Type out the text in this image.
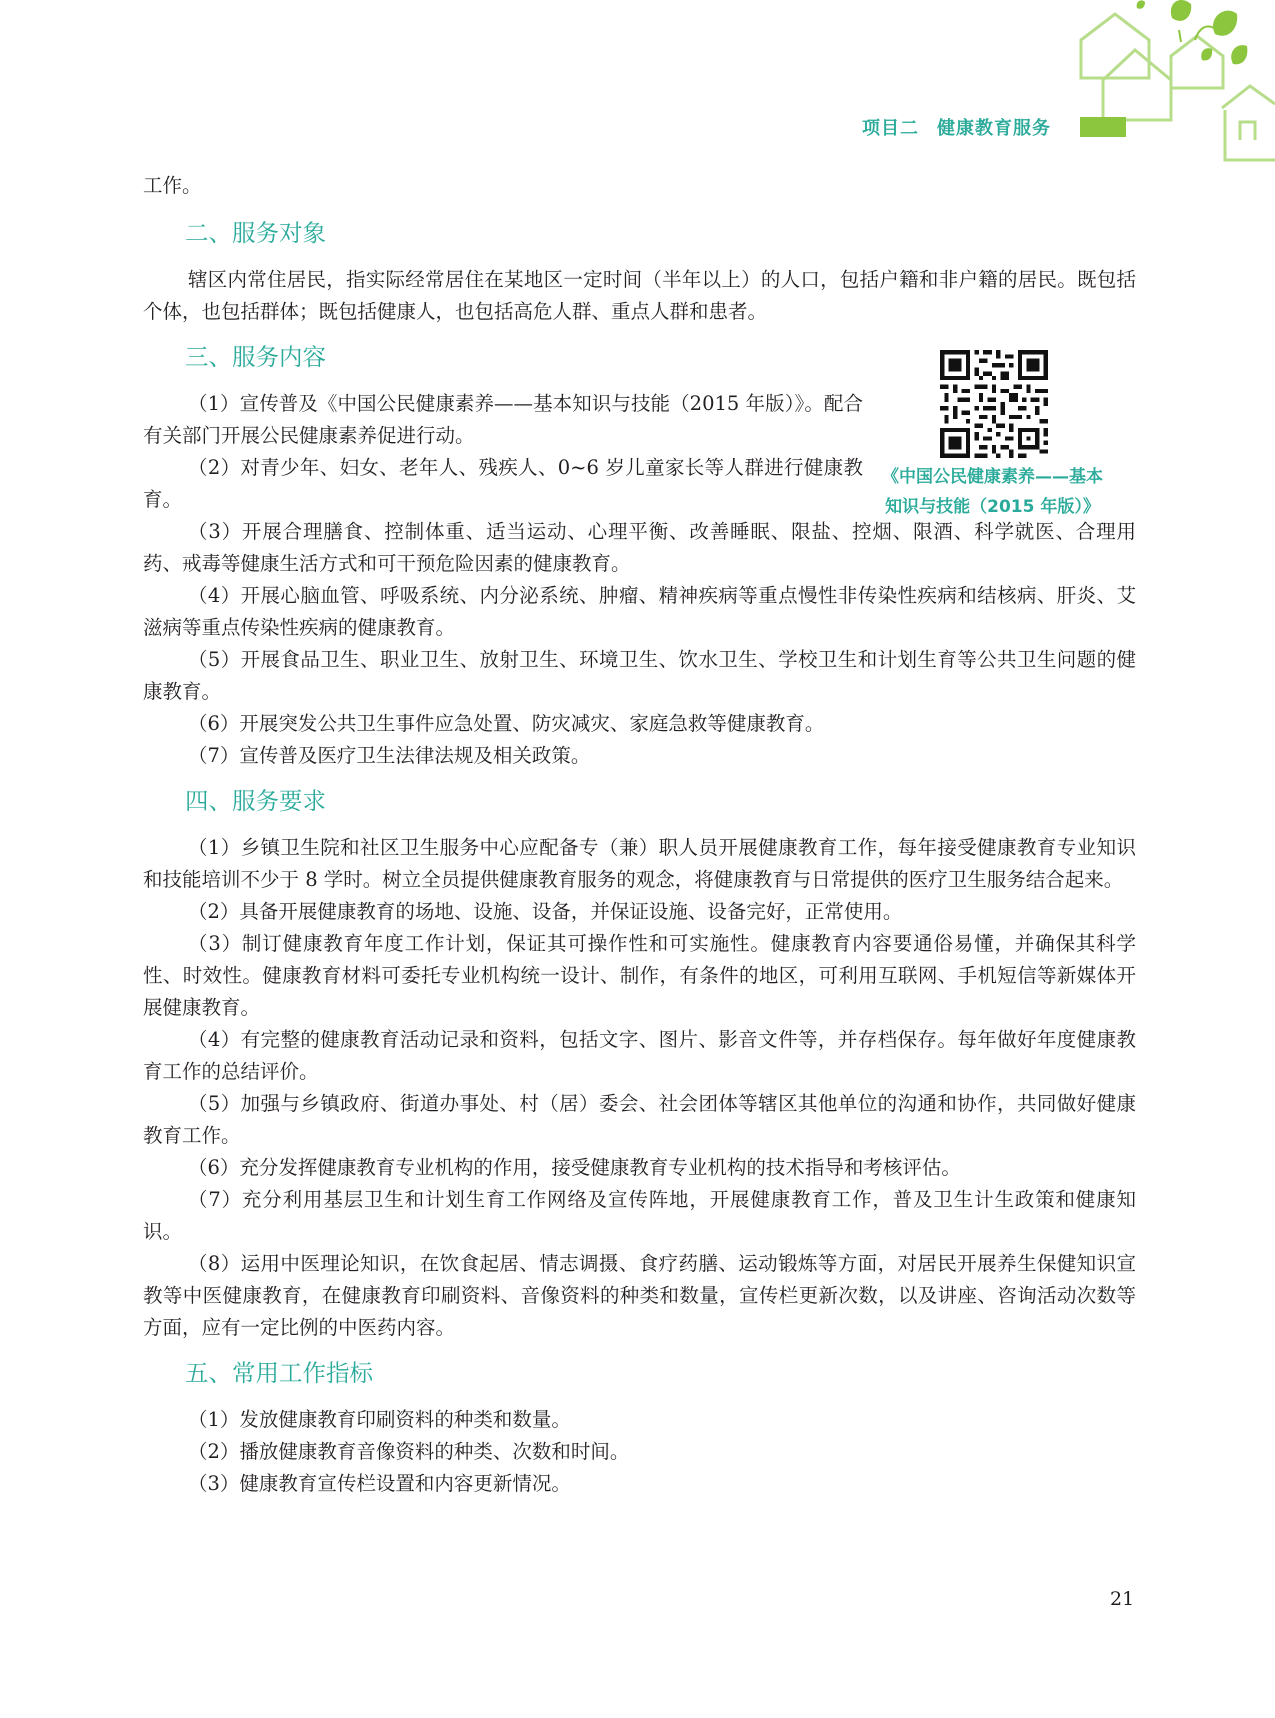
项目二 健康教育服务

工作。

二、服务对象

辖区内常住居民，指实际经常居住在某地区一定时间（半年以上）的人口，包括户籍和非户籍的居民。既包括个体，也包括群体；既包括健康人，也包括高危人群、重点人群和患者。

三、服务内容

（1）宣传普及《中国公民健康素养——基本知识与技能（2015 年版）》。配合有关部门开展公民健康素养促进行动。

（2）对青少年、妇女、老年人、残疾人、0~6 岁儿童家长等人群进行健康教育。

（3）开展合理膳食、控制体重、适当运动、心理平衡、改善睡眠、限盐、控烟、限酒、科学就医、合理用药、戒毒等健康生活方式和可干预危险因素的健康教育。

（4）开展心脑血管、呼吸系统、内分泌系统、肿瘤、精神疾病等重点慢性非传染性疾病和结核病、肝炎、艾滋病等重点传染性疾病的健康教育。

（5）开展食品卫生、职业卫生、放射卫生、环境卫生、饮水卫生、学校卫生和计划生育等公共卫生问题的健康教育。

（6）开展突发公共卫生事件应急处置、防灾减灾、家庭急救等健康教育。

（7）宣传普及医疗卫生法律法规及相关政策。

四、服务要求

（1）乡镇卫生院和社区卫生服务中心应配备专（兼）职人员开展健康教育工作，每年接受健康教育专业知识和技能培训不少于 8 学时。树立全员提供健康教育服务的观念，将健康教育与日常提供的医疗卫生服务结合起来。

（2）具备开展健康教育的场地、设施、设备，并保证设施、设备完好，正常使用。

（3）制订健康教育年度工作计划，保证其可操作性和可实施性。健康教育内容要通俗易懂，并确保其科学性、时效性。健康教育材料可委托专业机构统一设计、制作，有条件的地区，可利用互联网、手机短信等新媒体开展健康教育。

（4）有完整的健康教育活动记录和资料，包括文字、图片、影音文件等，并存档保存。每年做好年度健康教育工作的总结评价。

（5）加强与乡镇政府、街道办事处、村（居）委会、社会团体等辖区其他单位的沟通和协作，共同做好健康教育工作。

（6）充分发挥健康教育专业机构的作用，接受健康教育专业机构的技术指导和考核评估。

（7）充分利用基层卫生和计划生育工作网络及宣传阵地，开展健康教育工作，普及卫生计生政策和健康知识。

（8）运用中医理论知识，在饮食起居、情志调摄、食疗药膳、运动锻炼等方面，对居民开展养生保健知识宣教等中医健康教育，在健康教育印刷资料、音像资料的种类和数量，宣传栏更新次数，以及讲座、咨询活动次数等方面，应有一定比例的中医药内容。

五、常用工作指标

（1）发放健康教育印刷资料的种类和数量。

（2）播放健康教育音像资料的种类、次数和时间。

（3）健康教育宣传栏设置和内容更新情况。

《中国公民健康素养——基本
知识与技能（2015 年版）》
21
